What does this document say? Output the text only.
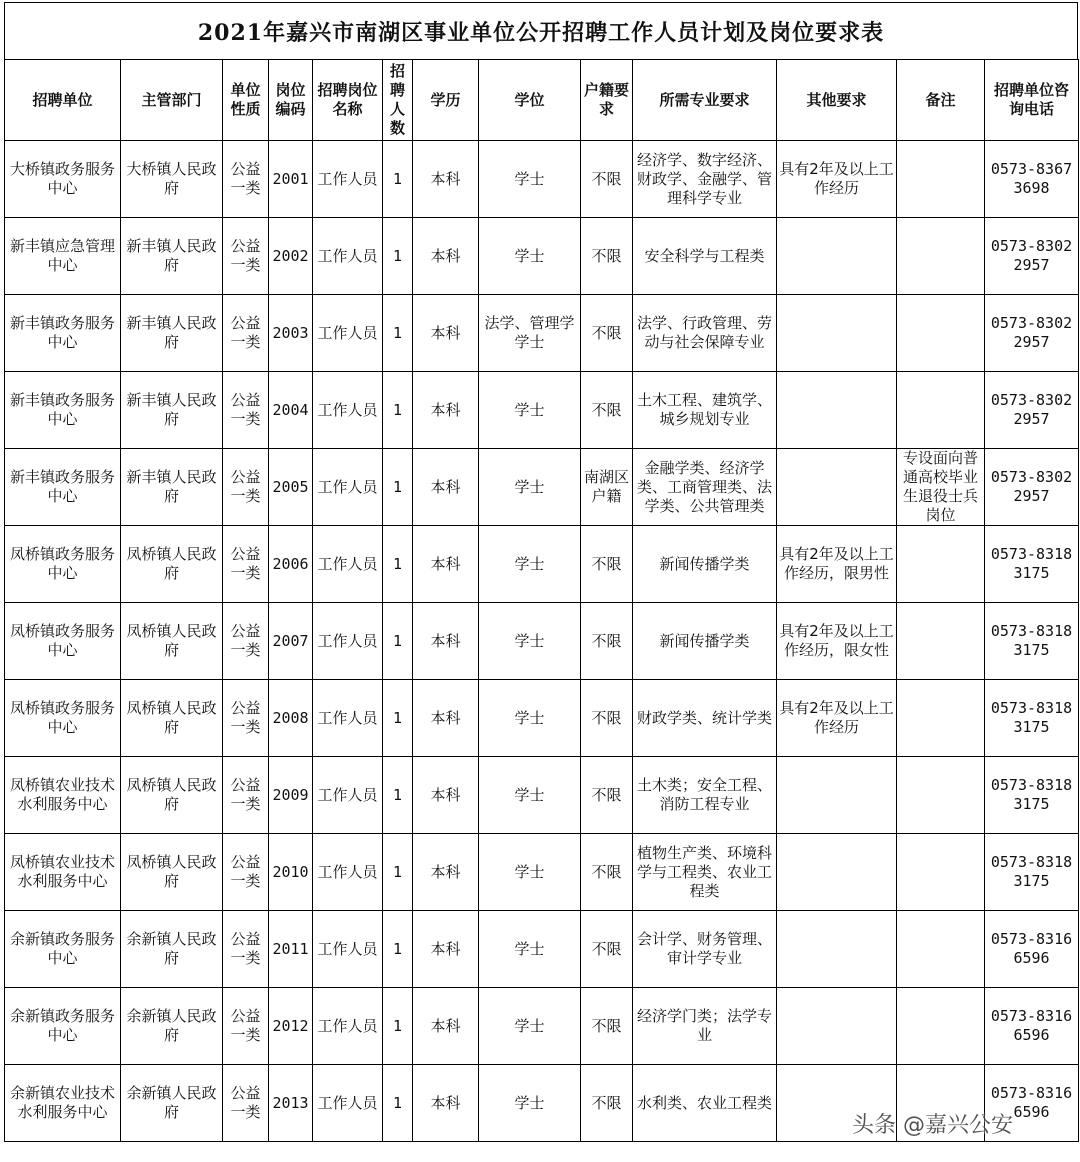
2021年嘉兴市南湖区事业单位公开招聘工作人员计划及岗位要求表
招聘单位	主管部门	单位性质	岗位编码	招聘岗位名称	招聘人数	学历	学位	户籍要求	所需专业要求	其他要求	备注	招聘单位咨询电话
大桥镇政务服务中心	大桥镇人民政府	公益一类	2001	工作人员	1	本科	学士	不限	经济学、数字经济、财政学、金融学、管理科学专业	具有2年及以上工作经历		0573-83673698
新丰镇应急管理中心	新丰镇人民政府	公益一类	2002	工作人员	1	本科	学士	不限	安全科学与工程类			0573-83022957
新丰镇政务服务中心	新丰镇人民政府	公益一类	2003	工作人员	1	本科	法学、管理学学士	不限	法学、行政管理、劳动与社会保障专业			0573-83022957
新丰镇政务服务中心	新丰镇人民政府	公益一类	2004	工作人员	1	本科	学士	不限	土木工程、建筑学、城乡规划专业			0573-83022957
新丰镇政务服务中心	新丰镇人民政府	公益一类	2005	工作人员	1	本科	学士	南湖区户籍	金融学类、经济学类、工商管理类、法学类、公共管理类		专设面向普通高校毕业生退役士兵岗位	0573-83022957
凤桥镇政务服务中心	凤桥镇人民政府	公益一类	2006	工作人员	1	本科	学士	不限	新闻传播学类	具有2年及以上工作经历，限男性		0573-83183175
凤桥镇政务服务中心	凤桥镇人民政府	公益一类	2007	工作人员	1	本科	学士	不限	新闻传播学类	具有2年及以上工作经历，限女性		0573-83183175
凤桥镇政务服务中心	凤桥镇人民政府	公益一类	2008	工作人员	1	本科	学士	不限	财政学类、统计学类	具有2年及以上工作经历		0573-83183175
凤桥镇农业技术水利服务中心	凤桥镇人民政府	公益一类	2009	工作人员	1	本科	学士	不限	土木类；安全工程、消防工程专业			0573-83183175
凤桥镇农业技术水利服务中心	凤桥镇人民政府	公益一类	2010	工作人员	1	本科	学士	不限	植物生产类、环境科学与工程类、农业工程类			0573-83183175
余新镇政务服务中心	余新镇人民政府	公益一类	2011	工作人员	1	本科	学士	不限	会计学、财务管理、审计学专业			0573-83166596
余新镇政务服务中心	余新镇人民政府	公益一类	2012	工作人员	1	本科	学士	不限	经济学门类；法学专业			0573-83166596
余新镇农业技术水利服务中心	余新镇人民政府	公益一类	2013	工作人员	1	本科	学士	不限	水利类、农业工程类			0573-83166596
头条 @嘉兴公安
